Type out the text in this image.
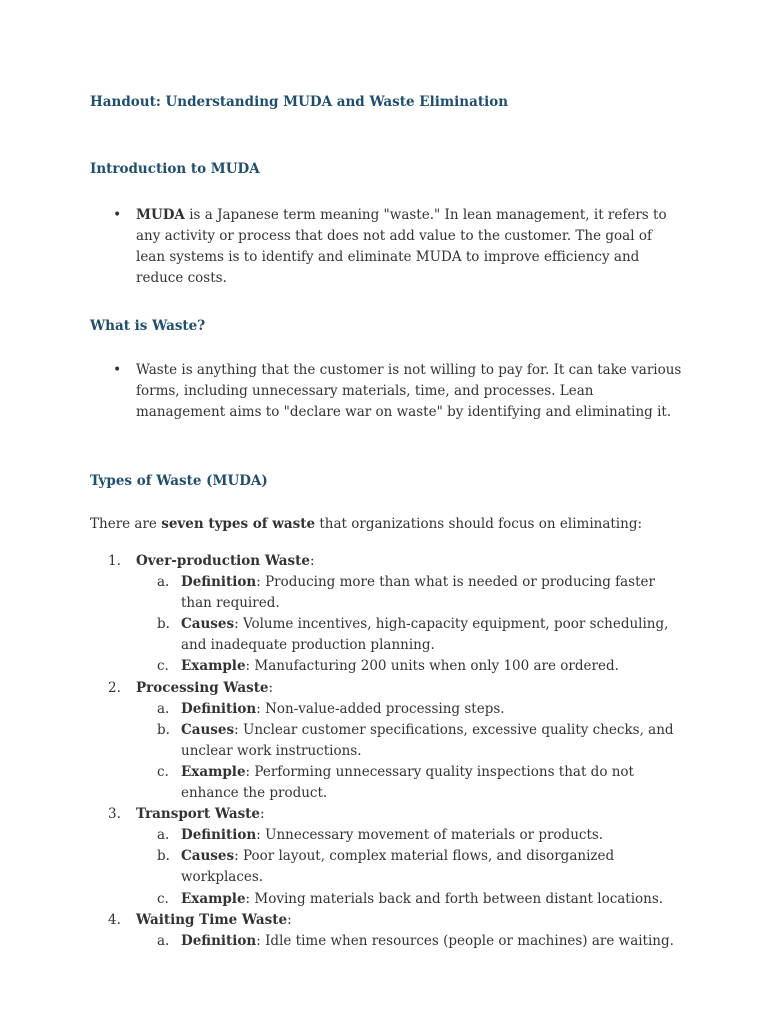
Handout: Understanding MUDA and Waste Elimination
Introduction to MUDA
• MUDA is a Japanese term meaning "waste." In lean management, it refers to any activity or process that does not add value to the customer. The goal of lean systems is to identify and eliminate MUDA to improve efficiency and reduce costs.

What is Waste?
• Waste is anything that the customer is not willing to pay for. It can take various forms, including unnecessary materials, time, and processes. Lean management aims to "declare war on waste" by identifying and eliminating it.

Types of Waste (MUDA)

There are seven types of waste that organizations should focus on eliminating:

1.	Over-production Waste:
a. Definition: Producing more than what is needed or producing faster than required.
b. Causes: Volume incentives, high-capacity equipment, poor scheduling, and inadequate production planning.
c. Example: Manufacturing 200 units when only 100 are ordered.
2.	Processing Waste:
a. Definition: Non-value-added processing steps.
b. Causes: Unclear customer specifications, excessive quality checks, and unclear work instructions.
c. Example: Performing unnecessary quality inspections that do not enhance the product.
3.	Transport Waste:
a. Definition: Unnecessary movement of materials or products.
b. Causes: Poor layout, complex material flows, and disorganized workplaces.
c. Example: Moving materials back and forth between distant locations.
4.	Waiting Time Waste:
a. Definition: Idle time when resources (people or machines) are waiting.
